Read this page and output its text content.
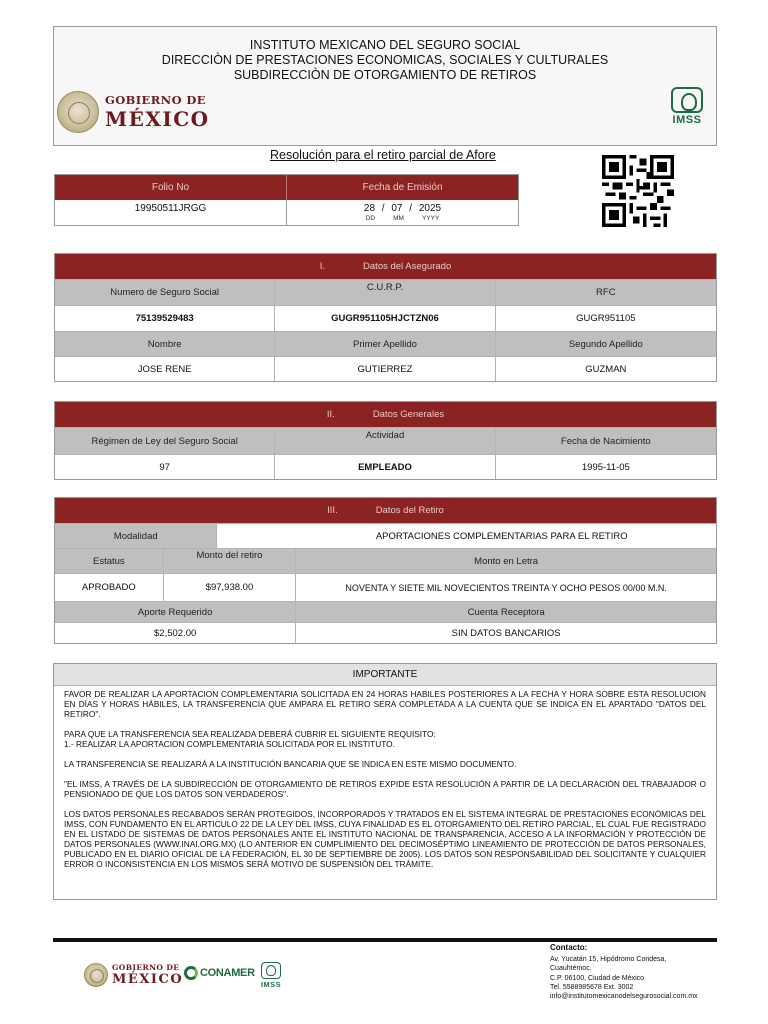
INSTITUTO MEXICANO DEL SEGURO SOCIAL
DIRECCIÒN DE PRESTACIONES ECONOMICAS, SOCIALES Y CULTURALES
SUBDIRECCIÒN DE OTORGAMIENTO DE RETIROS
GOBIERNO DE
MÉXICO	IMSS
Resolución para el retiro parcial de Afore
Folio No	Fecha de Emisión
19950511JRGG	28 / 07 / 2025
DD	MM	YYYY
I.	Datos del Asegurado
Numero de Seguro Social	C.U.R.P.	RFC
75139529483	GUGR951105HJCTZN06	GUGR951105
Nombre	Primer Apellido	Segundo Apellido
JOSE RENE	GUTIERREZ	GUZMAN
II.	Datos Generales
Régimen de Ley del Seguro Social	Actividad	Fecha de Nacimiento
97	EMPLEADO	1995-11-05
III.	Datos del Retiro
Modalidad	APORTACIONES COMPLEMENTARIAS PARA EL RETIRO
Estatus	Monto del retiro	Monto en Letra
APROBADO	$97,938.00	NOVENTA Y SIETE MIL NOVECIENTOS TREINTA Y OCHO PESOS 00/00 M.N.
Aporte Requerido	Cuenta Receptora
$2,502.00	SIN DATOS BANCARIOS
IMPORTANTE

FAVOR DE REALIZAR LA APORTACION COMPLEMENTARIA SOLICITADA EN 24 HORAS HABILES POSTERIORES A LA FECHA Y HORA SOBRE ESTA RESOLUCION EN DÍAS Y HORAS HÁBILES, LA TRANSFERENCIA QUE AMPARA EL RETIRO SERA COMPLETADA A LA CUENTA QUE SE INDICA EN EL APARTADO "DATOS DEL RETIRO".

PARA QUE LA TRANSFERENCIA SEA REALIZADA DEBERÁ CUBRIR EL SIGUIENTE REQUISITO:
1.- REALIZAR LA APORTACION COMPLEMENTARIA SOLICITADA POR EL INSTITUTO.

LA TRANSFERENCIA SE REALIZARÁ A LA INSTITUCIÓN BANCARIA QUE SE INDICA EN ESTE MISMO DOCUMENTO.

"EL IMSS, A TRAVÉS DE LA SUBDIRECCIÓN DE OTORGAMIENTO DE RETIROS EXPIDE ESTA RESOLUCIÓN A PARTIR DE LA DECLARACIÓN DEL TRABAJADOR O PENSIONADO DE QUE LOS DATOS SON VERDADEROS".

LOS DATOS PERSONALES RECABADOS SERÁN PROTEGIDOS, INCORPORADOS Y TRATADOS EN EL SISTEMA INTEGRAL DE PRESTACIONES ECONÓMICAS DEL IMSS, CON FUNDAMENTO EN EL ARTICULO 22 DE LA LEY DEL IMSS, CUYA FINALIDAD ES EL OTORGAMIENTO DEL RETIRO PARCIAL, EL CUAL FUE REGISTRADO EN EL LISTADO DE SISTEMAS DE DATOS PERSONALES ANTE EL INSTITUTO NACIONAL DE TRANSPARENCIA, ACCESO A LA INFORMACIÓN Y PROTECCIÓN DE DATOS PERSONALES (WWW.INAI.ORG.MX) (LO ANTERIOR EN CUMPLIMIENTO DEL DECIMOSÉPTIMO LINEAMIENTO DE PROTECCIÓN DE DATOS PERSONALES, PUBLICADO EN EL DIARIO OFICIAL DE LA FEDERACIÓN, EL 30 DE SEPTIEMBRE DE 2005). LOS DATOS SON RESPONSABILIDAD DEL SOLICITANTE Y CUALQUIER ERROR O INCONSISTENCIA EN LOS MISMOS SERÁ MOTIVO DE SUSPENSIÓN DEL TRÁMITE.

GOBIERNO DE
MÉXICO CONAMER
IMSS
Contacto:
Av. Yucatán 15, Hipódromo Condesa,
Cuauhtémoc.
C.P. 06100, Ciudad de México
Tel. 5588985678 Ext. 3002
info@institutomexicanodelsegurosocial.com.mx
